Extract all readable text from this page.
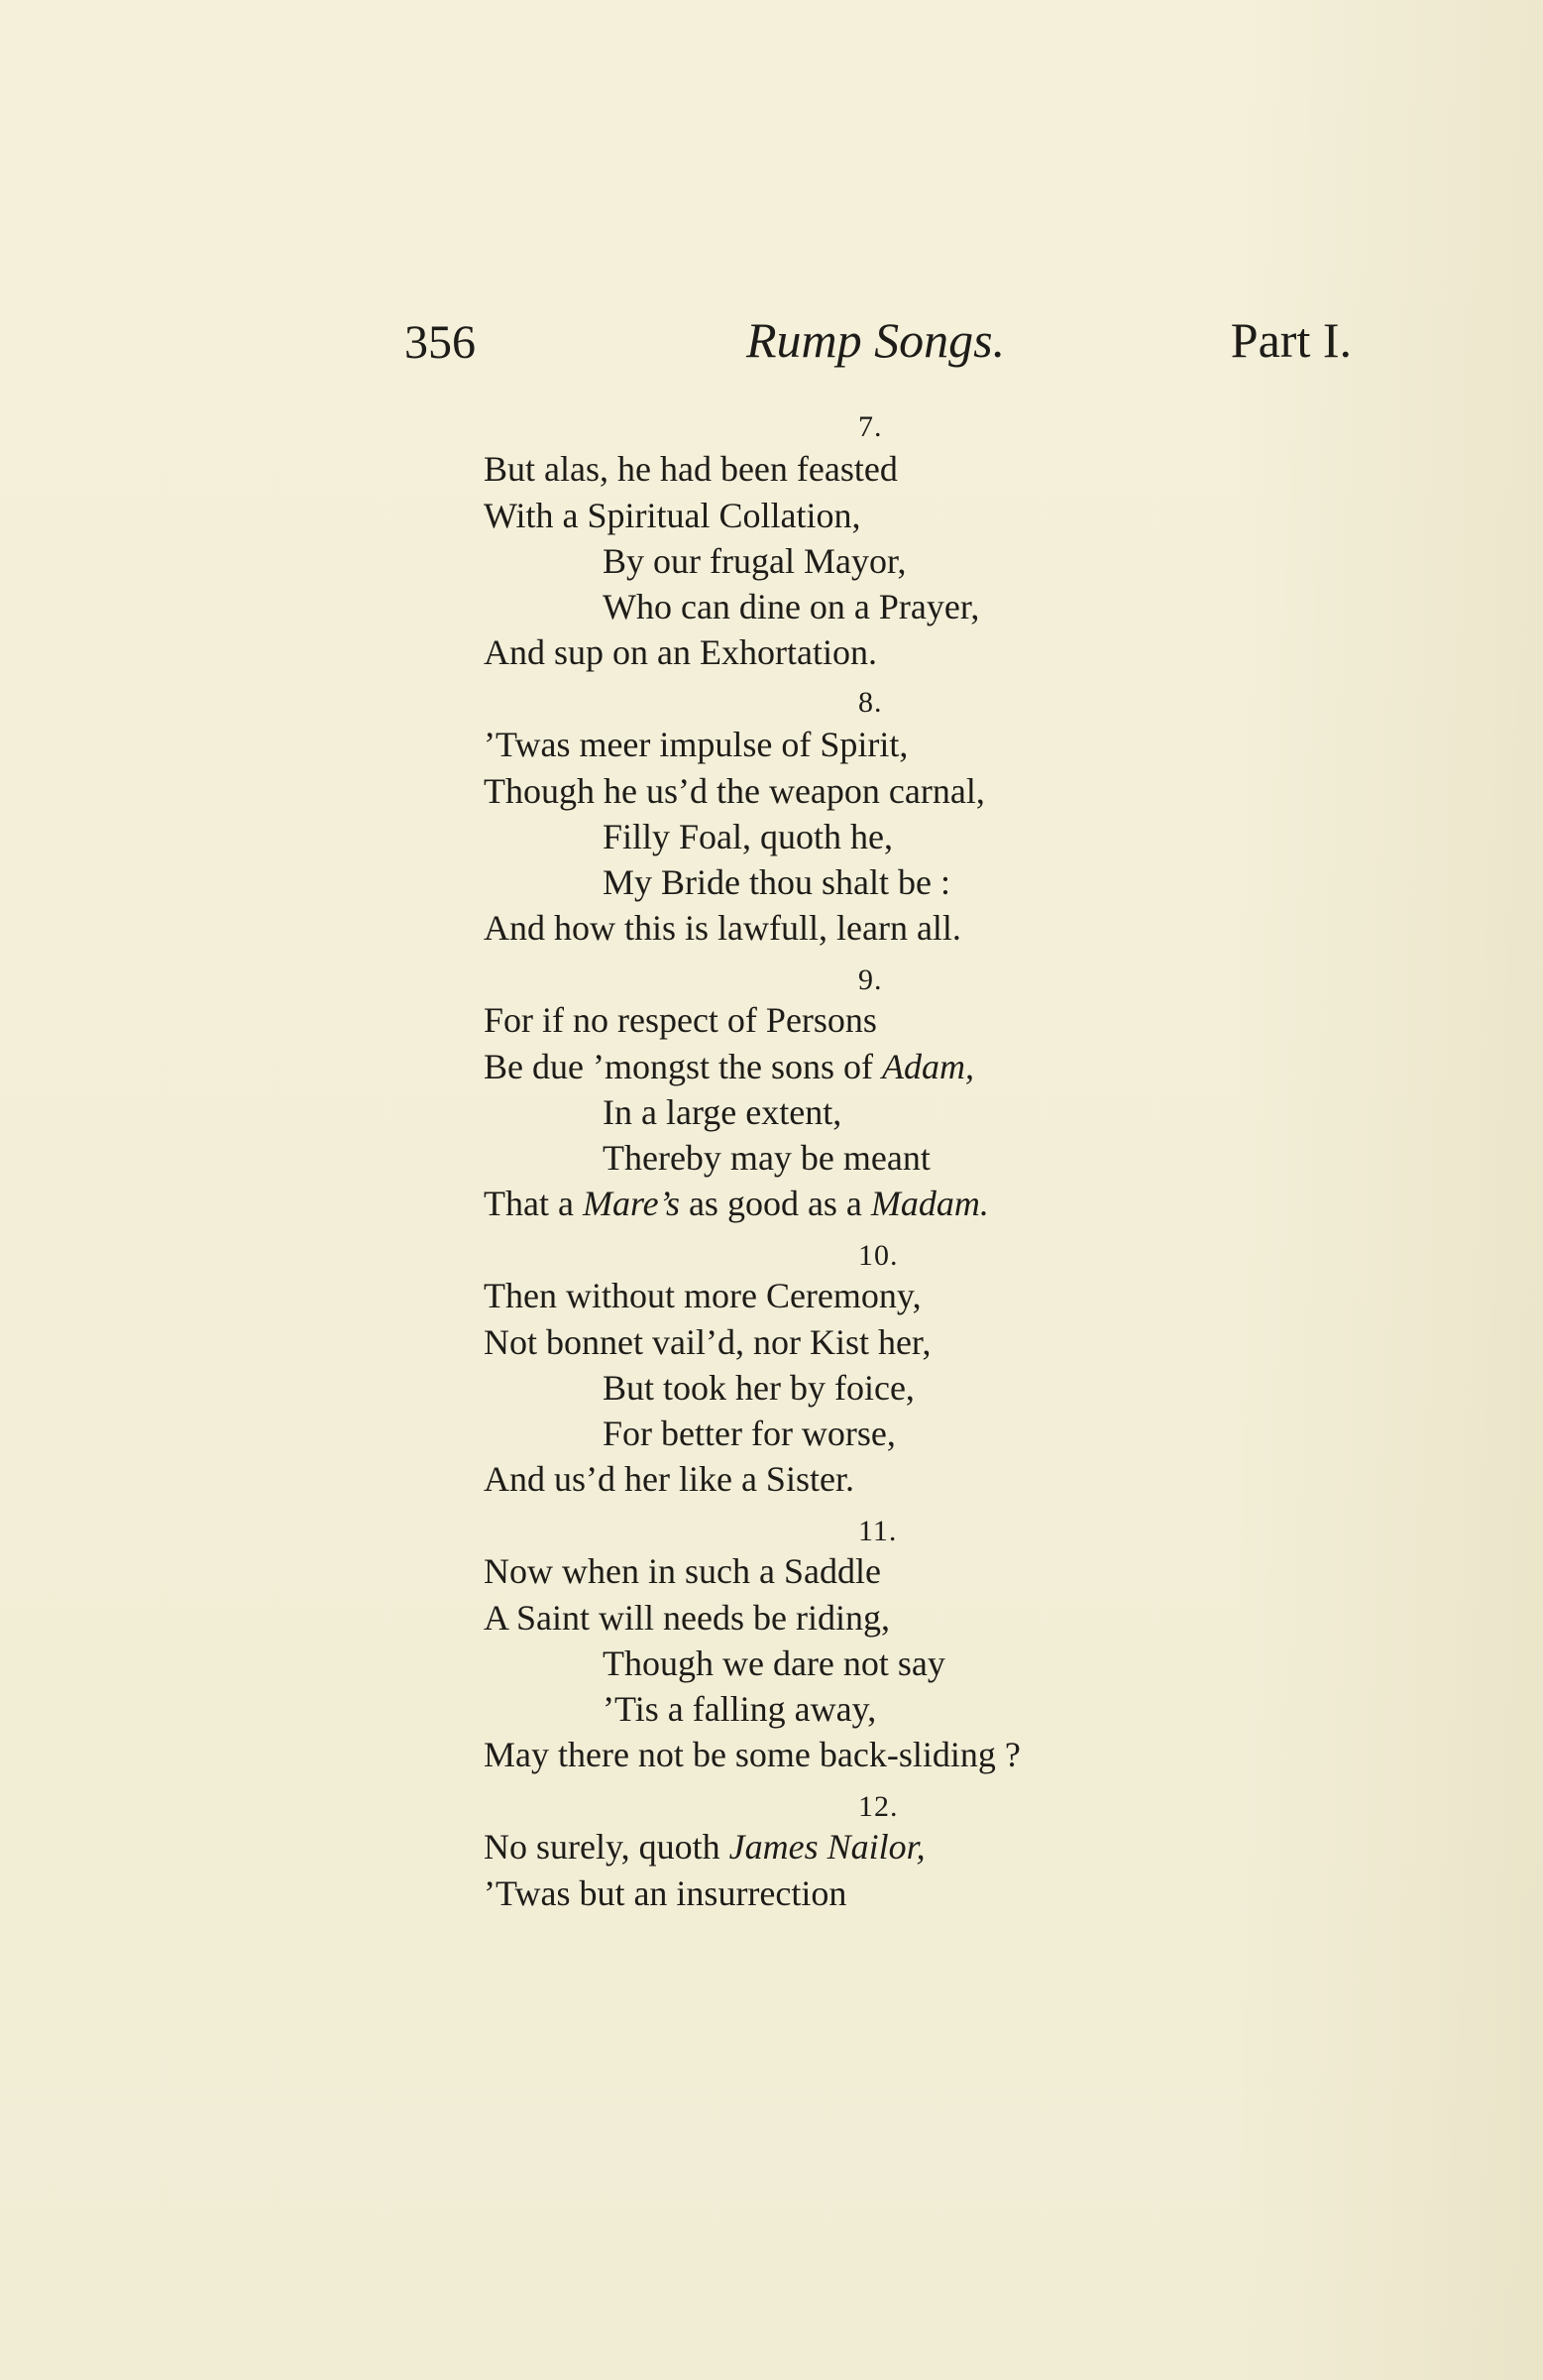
356	Rump Songs.	Part I.
7.
But alas, he had been feasted
With a Spiritual Collation,
By our frugal Mayor,
Who can dine on a Prayer,
And sup on an Exhortation.
8.
’Twas meer impulse of Spirit,
Though he us’d the weapon carnal,
Filly Foal, quoth he,
My Bride thou shalt be :
And how this is lawfull, learn all.
9.
For if no respect of Persons
Be due ’mongst the sons of Adam,
In a large extent,
Thereby may be meant
That a Mare’s as good as a Madam.
10.
Then without more Ceremony,
Not bonnet vail’d, nor Kist her,
But took her by foice,
For better for worse,
And us’d her like a Sister.
11.
Now when in such a Saddle
A Saint will needs be riding,
Though we dare not say
’Tis a falling away,
May there not be some back-sliding ?
12.
No surely, quoth James Nailor,
’Twas but an insurrection
